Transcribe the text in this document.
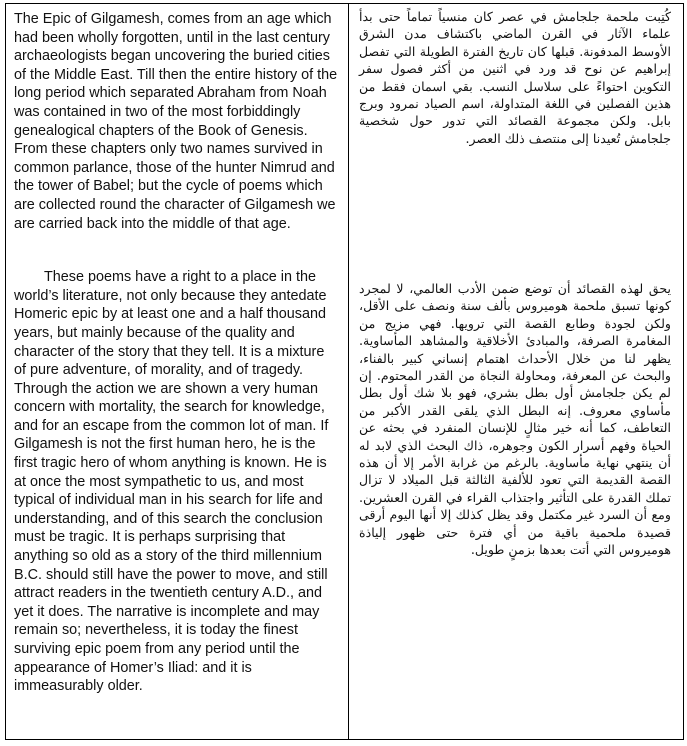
The Epic of Gilgamesh, comes from an age which had been wholly forgotten, until in the last century archaeologists began uncovering the buried cities of the Middle East. Till then the entire history of the long period which separated Abraham from Noah was contained in two of the most forbiddingly genealogical chapters of the Book of Genesis. From these chapters only two names survived in common parlance, those of the hunter Nimrud and the tower of Babel; but the cycle of poems which are collected round the character of Gilgamesh we are carried back into the middle of that age.

These poems have a right to a place in the world’s literature, not only because they antedate Homeric epic by at least one and a half thousand years, but mainly because of the quality and character of the story that they tell. It is a mixture of pure adventure, of morality, and of tragedy. Through the action we are shown a very human concern with mortality, the search for knowledge, and for an escape from the common lot of man. If Gilgamesh is not the first human hero, he is the first tragic hero of whom anything is known. He is at once the most sympathetic to us, and most typical of individual man in his search for life and understanding, and of this search the conclusion must be tragic. It is perhaps surprising that anything so old as a story of the third millennium B.C. should still have the power to move, and still attract readers in the twentieth century A.D., and yet it does. The narrative is incomplete and may remain so; nevertheless, it is today the finest surviving epic poem from any period until the appearance of Homer’s Iliad: and it is immeasurably older.

كُتِبت ملحمة جلجامش في عصر كان منسياً تماماً حتى بدأ علماء الآثار في القرن الماضي باكتشاف مدن الشرق الأوسط المدفونة. قبلها كان تاريخ الفترة الطويلة التي تفصل إبراهيم عن نوح قد ورد في اثنين من أكثر فصول سفر التكوين احتواءً على سلاسل النسب. بقي اسمان فقط من هذين الفصلين في اللغة المتداولة، اسم الصياد نمرود وبرج بابل. ولكن مجموعة القصائد التي تدور حول شخصية جلجامش تُعيدنا إلى منتصف ذلك العصر.

يحق لهذه القصائد أن توضع ضمن الأدب العالمي، لا لمجرد كونها تسبق ملحمة هوميروس بألف سنة ونصف على الأقل، ولكن لجودة وطابع القصة التي ترويها. فهي مزيج من المغامرة الصرفة، والمبادئ الأخلاقية والمشاهد المأساوية. يظهر لنا من خلال الأحداث اهتمام إنساني كبير بالفناء، والبحث عن المعرفة، ومحاولة النجاة من القدر المحتوم. إن لم يكن جلجامش أول بطل بشري، فهو بلا شك أول بطل مأساوي معروف. إنه البطل الذي يلقى القدر الأكبر من التعاطف، كما أنه خير مثالٍ للإنسان المنفرد في بحثه عن الحياة وفهم أسرار الكون وجوهره، ذاك البحث الذي لابد له أن ينتهي نهاية مأساوية. بالرغم من غرابة الأمر إلا أن هذه القصة القديمة التي تعود للألفية الثالثة قبل الميلاد لا تزال تملك القدرة على التأثير واجتذاب القراء في القرن العشرين. ومع أن السرد غير مكتمل وقد يظل كذلك إلا أنها اليوم أرقى قصيدة ملحمية باقية من أي فترة حتى ظهور إلياذة هوميروس التي أتت بعدها بزمنٍ طويل.
